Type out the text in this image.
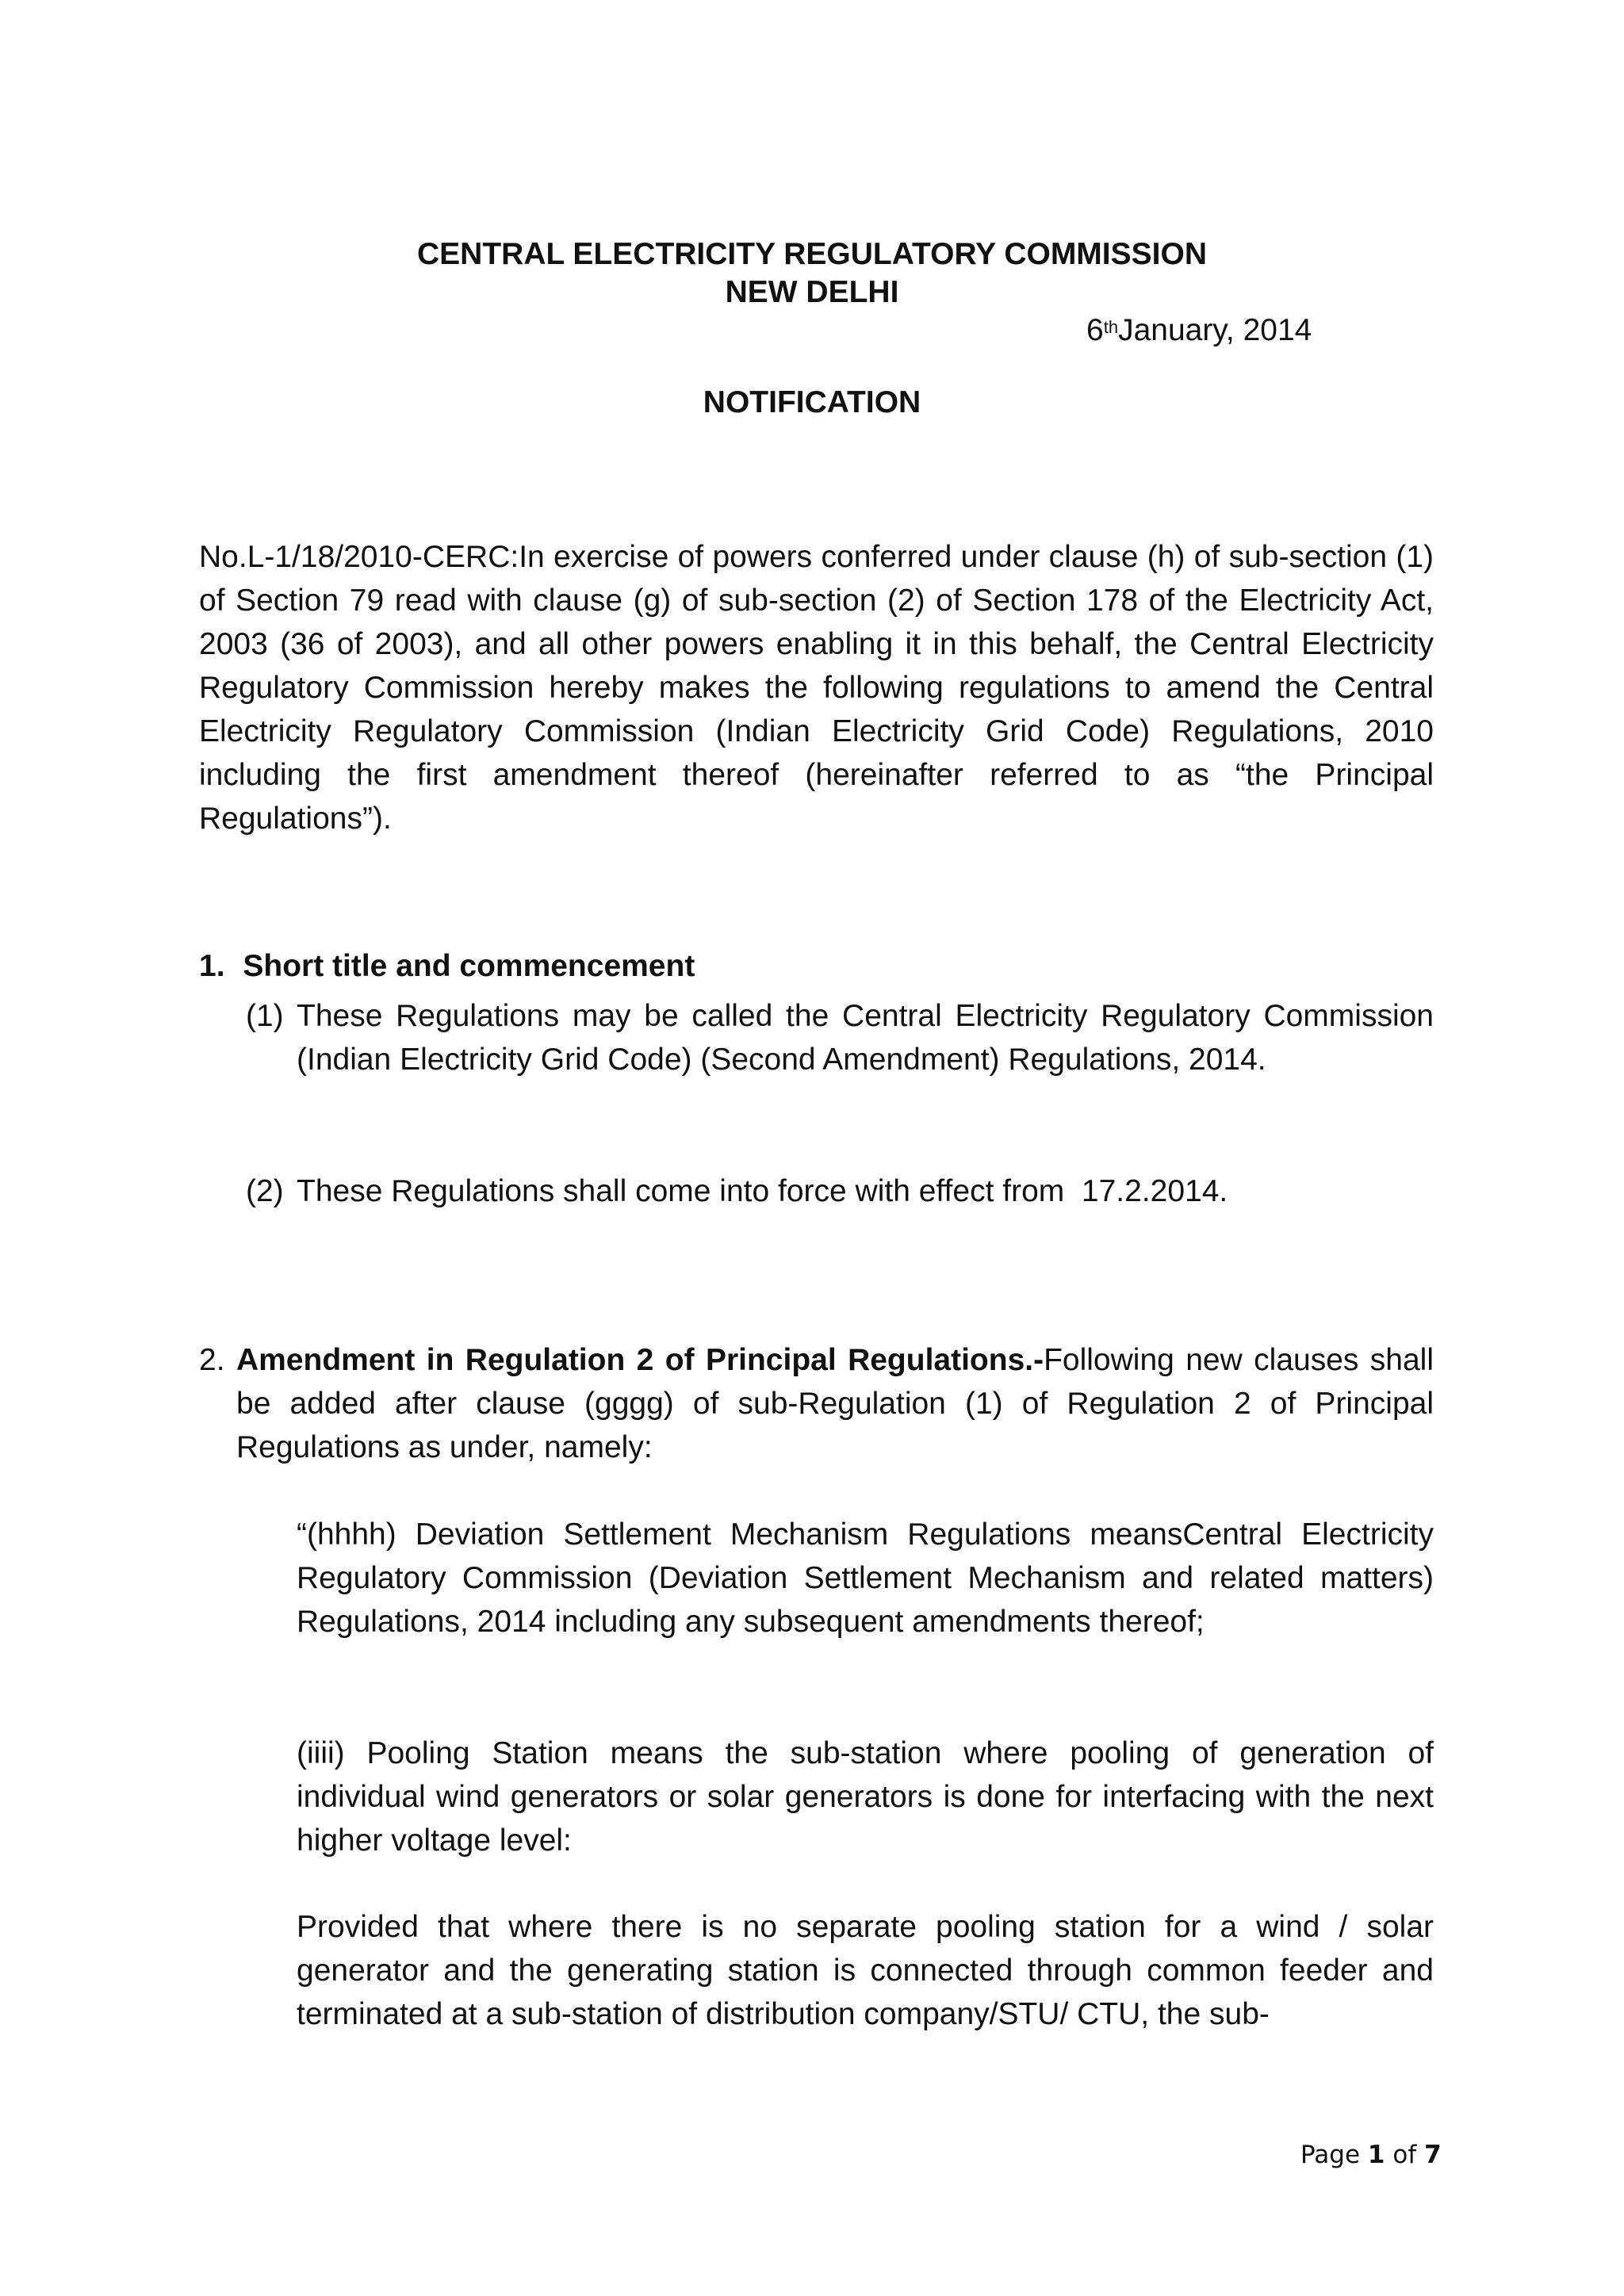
CENTRAL ELECTRICITY REGULATORY COMMISSION
NEW DELHI
6thJanuary, 2014
NOTIFICATION

No.L-1/18/2010-CERC:In exercise of powers conferred under clause (h) of sub-section (1) of Section 79 read with clause (g) of sub-section (2) of Section 178 of the Electricity Act, 2003 (36 of 2003), and all other powers enabling it in this behalf, the Central Electricity Regulatory Commission hereby makes the following regulations to amend the Central Electricity Regulatory Commission (Indian Electricity Grid Code) Regulations, 2010 including the first amendment thereof (hereinafter referred to as “the Principal Regulations”).

1. Short title and commencement
(1) These Regulations may be called the Central Electricity Regulatory Commission (Indian Electricity Grid Code) (Second Amendment) Regulations, 2014.

(2) These Regulations shall come into force with effect from  17.2.2014.

2. Amendment in Regulation 2 of Principal Regulations.-Following new clauses shall be added after clause (gggg) of sub-Regulation (1) of Regulation 2 of Principal Regulations as under, namely:

“(hhhh) Deviation Settlement Mechanism Regulations meansCentral Electricity Regulatory Commission (Deviation Settlement Mechanism and related matters) Regulations, 2014 including any subsequent amendments thereof;

(iiii) Pooling Station means the sub-station where pooling of generation of individual wind generators or solar generators is done for interfacing with the next higher voltage level:

Provided that where there is no separate pooling station for a wind / solar generator and the generating station is connected through common feeder and terminated at a sub-station of distribution company/STU/ CTU, the sub-

Page 1 of 7
